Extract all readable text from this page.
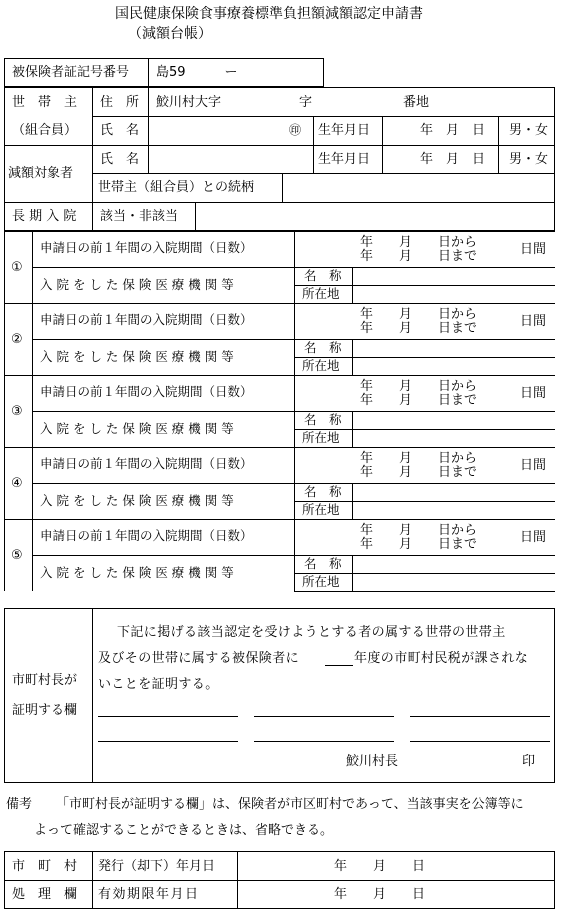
国民健康保険食事療養標準負担額減額認定申請書
（減額台帳）
被保険者証記号番号 島59　　　ー
世　帯　主
（組合員）
住　所 鮫川村大字　　　　　　字　　　　　　　番地
氏　名	㊞ 生年月日	年　月　日 男・女
減額対象者
氏　名	生年月日	年　月　日 男・女
世帯主（組合員）との続柄
長 期 入 院 該当・非該当
①
申請日の前１年間の入院期間（日数）	年　　月　　日から
年　　月　　日まで	日間
入 院 を し た 保 険 医 療 機 関 等
名　称
所在地
②
申請日の前１年間の入院期間（日数）	年　　月　　日から
年　　月　　日まで	日間
入 院 を し た 保 険 医 療 機 関 等
名　称
所在地
③
申請日の前１年間の入院期間（日数）	年　　月　　日から
年　　月　　日まで	日間
入 院 を し た 保 険 医 療 機 関 等
名　称
所在地
④
申請日の前１年間の入院期間（日数）	年　　月　　日から
年　　月　　日まで	日間
入 院 を し た 保 険 医 療 機 関 等
名　称
所在地
⑤
申請日の前１年間の入院期間（日数）	年　　月　　日から
年　　月　　日まで	日間
入 院 を し た 保 険 医 療 機 関 等
名　称
所在地
市町村長が
証明する欄
下記に掲げる該当認定を受けようとする者の属する世帯の世帯主
及びその世帯に属する被保険者に	年度の市町村民税が課されな
いことを証明する。
鮫川村長	印
備考 「市町村長が証明する欄」は、保険者が市区町村であって、当該事実を公簿等に
よって確認することができるときは、省略できる。
市　町　村
処　理　欄
発行（却下）年月日	年　　月　　日
有効期限年月日	年　　月　　日
